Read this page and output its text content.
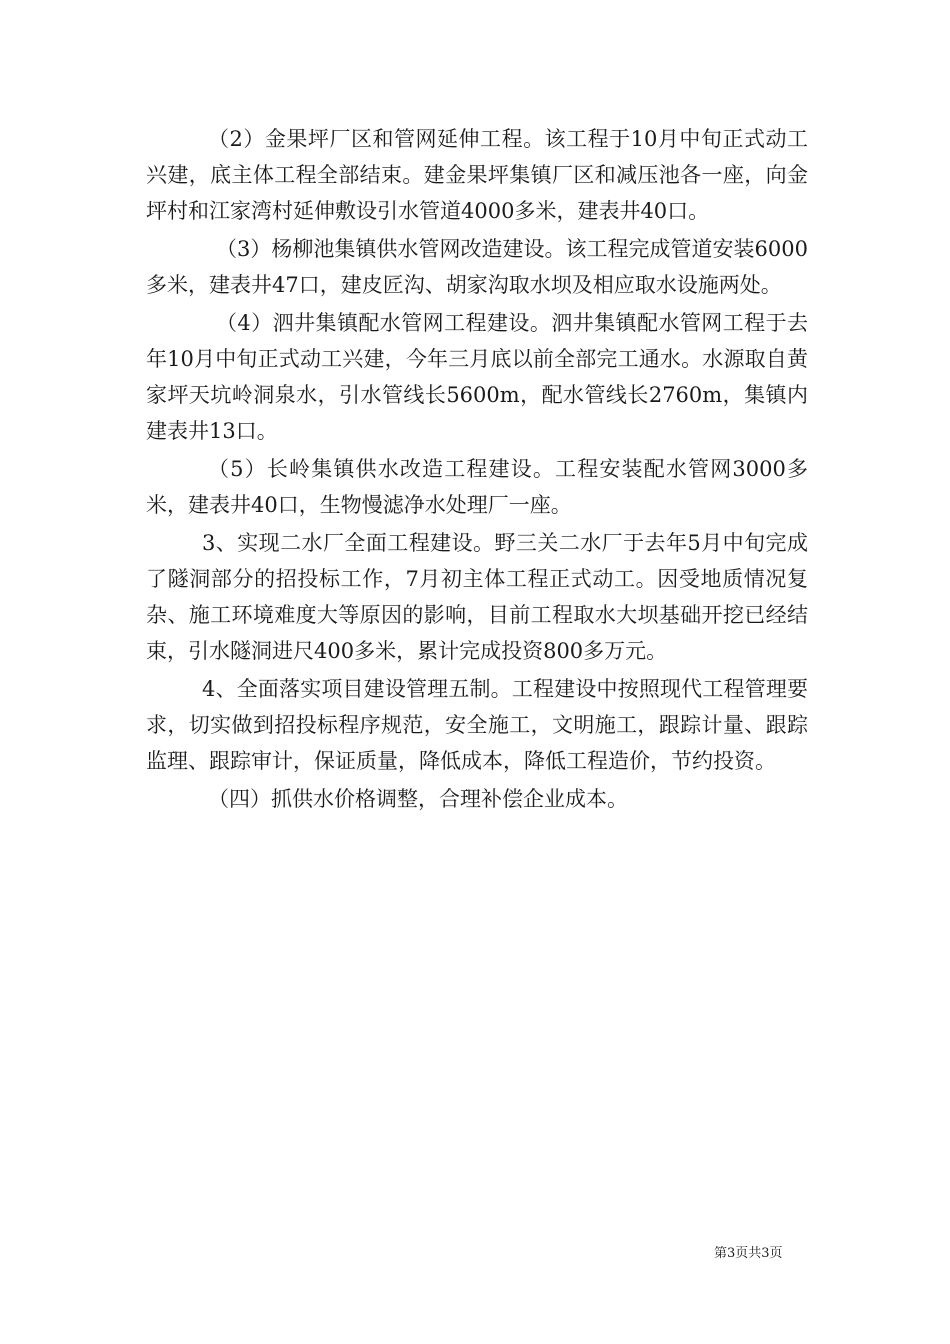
（2）金果坪厂区和管网延伸工程。该工程于10月中旬正式动工兴建，底主体工程全部结束。建金果坪集镇厂区和减压池各一座，向金坪村和江家湾村延伸敷设引水管道4000多米，建表井40口。

（3）杨柳池集镇供水管网改造建设。该工程完成管道安装6000多米，建表井47口，建皮匠沟、胡家沟取水坝及相应取水设施两处。

（4）泗井集镇配水管网工程建设。泗井集镇配水管网工程于去年10月中旬正式动工兴建，今年三月底以前全部完工通水。水源取自黄家坪天坑岭洞泉水，引水管线长5600m，配水管线长2760m，集镇内建表井13口。

（5）长岭集镇供水改造工程建设。工程安装配水管网3000多米，建表井40口，生物慢滤净水处理厂一座。

3、实现二水厂全面工程建设。野三关二水厂于去年5月中旬完成了隧洞部分的招投标工作，7月初主体工程正式动工。因受地质情况复杂、施工环境难度大等原因的影响，目前工程取水大坝基础开挖已经结束，引水隧洞进尺400多米，累计完成投资800多万元。

4、全面落实项目建设管理五制。工程建设中按照现代工程管理要求，切实做到招投标程序规范，安全施工，文明施工，跟踪计量、跟踪监理、跟踪审计，保证质量，降低成本，降低工程造价，节约投资。

（四）抓供水价格调整，合理补偿企业成本。

第3页共3页
